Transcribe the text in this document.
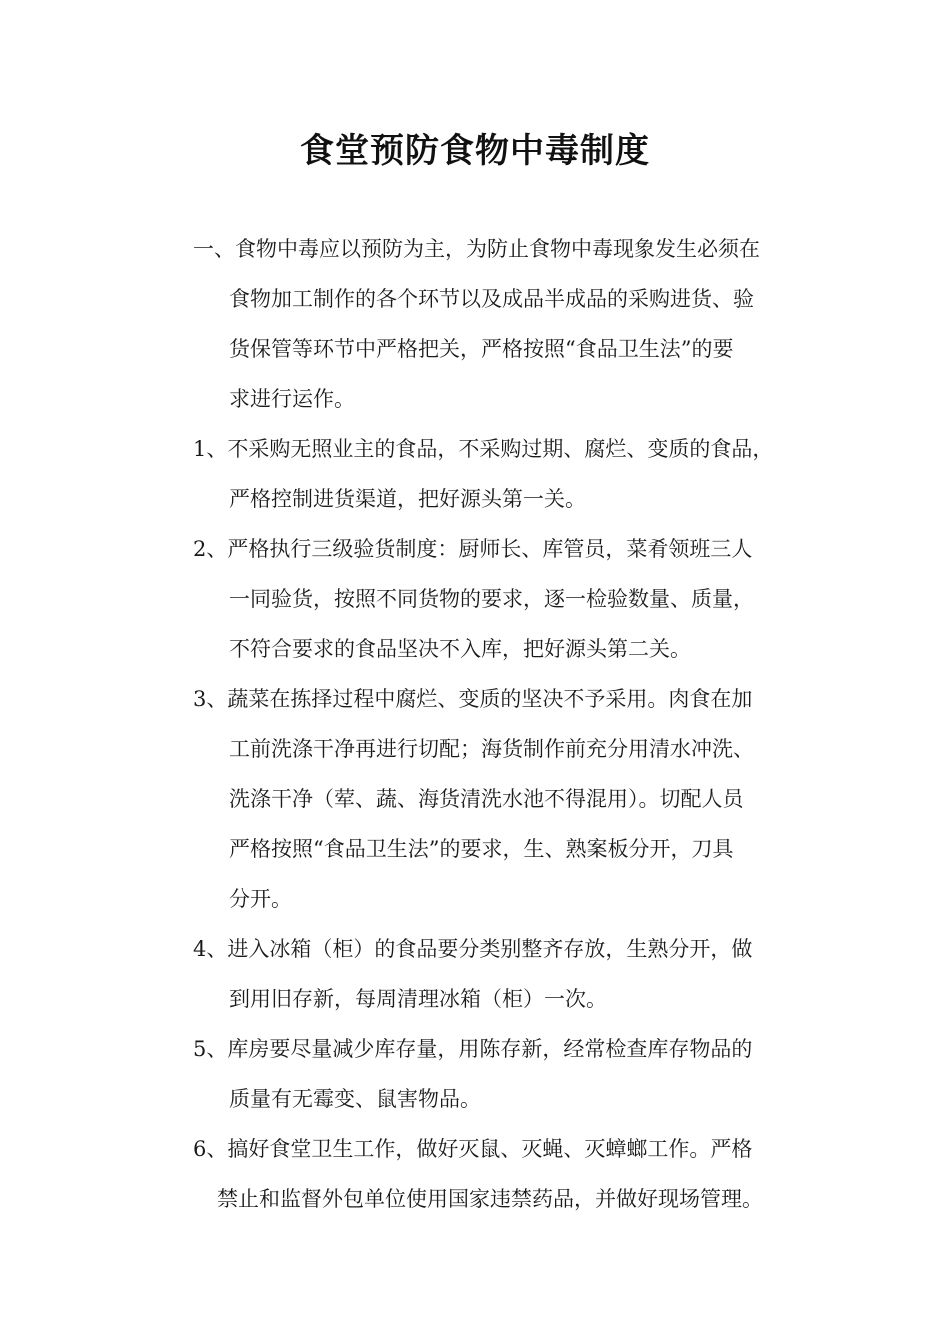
食堂预防食物中毒制度
一、食物中毒应以预防为主，为防止食物中毒现象发生必须在
食物加工制作的各个环节以及成品半成品的采购进货、验
货保管等环节中严格把关，严格按照“食品卫生法”的要
求进行运作。
1、不采购无照业主的食品，不采购过期、腐烂、变质的食品，
严格控制进货渠道，把好源头第一关。
2、严格执行三级验货制度：厨师长、库管员，菜肴领班三人
一同验货，按照不同货物的要求，逐一检验数量、质量，
不符合要求的食品坚决不入库，把好源头第二关。
3、蔬菜在拣择过程中腐烂、变质的坚决不予采用。肉食在加
工前洗涤干净再进行切配；海货制作前充分用清水冲洗、
洗涤干净（荤、蔬、海货清洗水池不得混用）。切配人员
严格按照“食品卫生法”的要求，生、熟案板分开，刀具
分开。
4、进入冰箱（柜）的食品要分类别整齐存放，生熟分开，做
到用旧存新，每周清理冰箱（柜）一次。
5、库房要尽量减少库存量，用陈存新，经常检查库存物品的
质量有无霉变、鼠害物品。
6、搞好食堂卫生工作，做好灭鼠、灭蝇、灭蟑螂工作。严格
禁止和监督外包单位使用国家违禁药品，并做好现场管理。
